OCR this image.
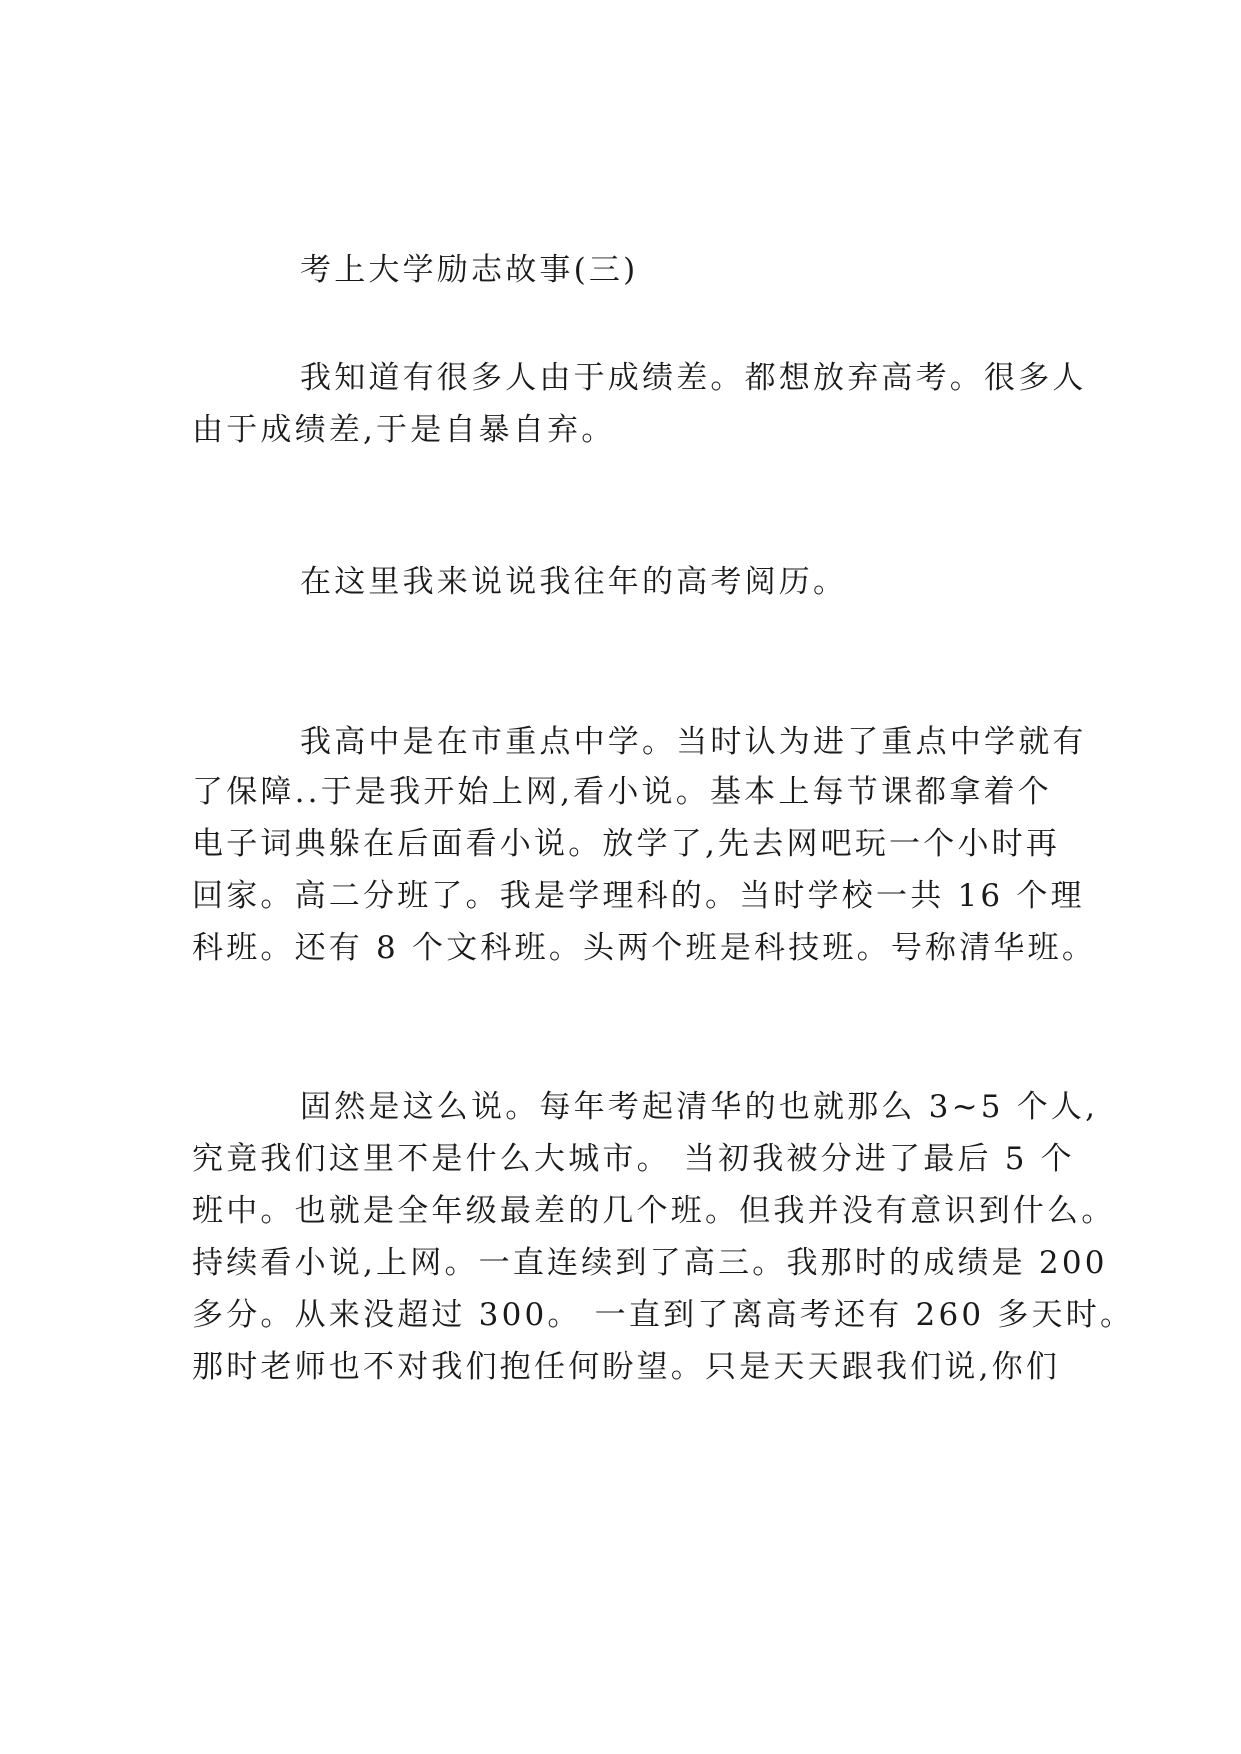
考上大学励志故事(三)

我知道有很多人由于成绩差。都想放弃高考。很多人

由于成绩差,于是自暴自弃。

在这里我来说说我往年的高考阅历。

我高中是在市重点中学。当时认为进了重点中学就有

了保障..于是我开始上网,看小说。基本上每节课都拿着个

电子词典躲在后面看小说。放学了,先去网吧玩一个小时再

回家。高二分班了。我是学理科的。当时学校一共 16 个理

科班。还有 8 个文科班。头两个班是科技班。号称清华班。

固然是这么说。每年考起清华的也就那么 3~5 个人,

究竟我们这里不是什么大城市。 当初我被分进了最后 5 个

班中。也就是全年级最差的几个班。但我并没有意识到什么。

持续看小说,上网。一直连续到了高三。我那时的成绩是 200

多分。从来没超过 300。 一直到了离高考还有 260 多天时。

那时老师也不对我们抱任何盼望。只是天天跟我们说,你们
